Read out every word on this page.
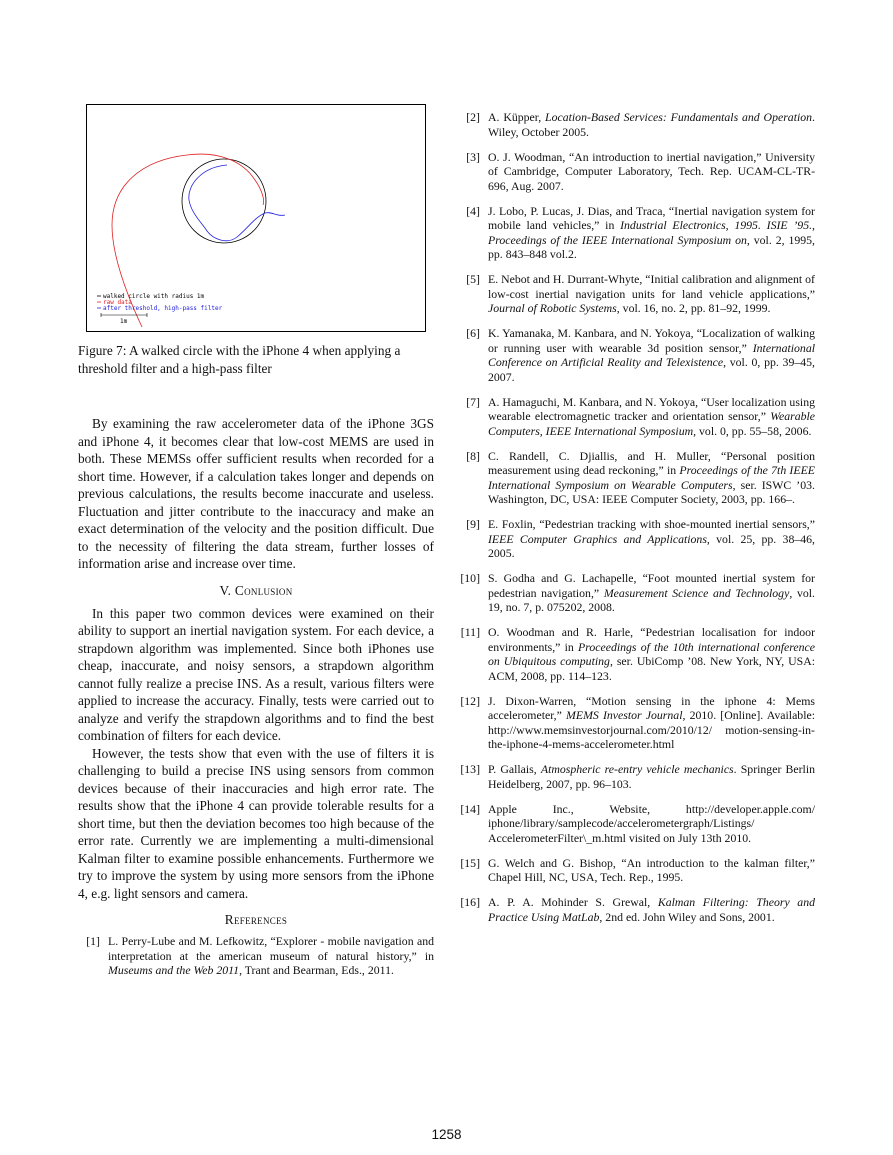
walked circle with radius 1m
raw data
after threshold, high-pass filter
1m
Figure 7: A walked circle with the iPhone 4 when applying a threshold filter and a high-pass filter

By examining the raw accelerometer data of the iPhone 3GS and iPhone 4, it becomes clear that low-cost MEMS are used in both. These MEMSs offer sufficient results when recorded for a short time. However, if a calculation takes longer and depends on previous calculations, the results become inaccurate and useless. Fluctuation and jitter contribute to the inaccuracy and make an exact determination of the velocity and the position difficult. Due to the necessity of filtering the data stream, further losses of information arise and increase over time.

V. Conlusion

In this paper two common devices were examined on their ability to support an inertial navigation system. For each device, a strapdown algorithm was implemented. Since both iPhones use cheap, inaccurate, and noisy sensors, a strapdown algorithm cannot fully realize a precise INS. As a result, various filters were applied to increase the accuracy. Finally, tests were carried out to analyze and verify the strapdown algorithms and to find the best combination of filters for each device.

However, the tests show that even with the use of filters it is challenging to build a precise INS using sensors from common devices because of their inaccuracies and high error rate. The results show that the iPhone 4 can provide tolerable results for a short time, but then the deviation becomes too high because of the error rate. Currently we are implementing a multi-dimensional Kalman filter to examine possible enhancements. Furthermore we try to improve the system by using more sensors from the iPhone 4, e.g. light sensors and camera.

References
[1] L. Perry-Lube and M. Lefkowitz, “Explorer - mobile navigation and interpretation at the american museum of natural history,” in Museums and the Web 2011, Trant and Bearman, Eds., 2011.
[2] A. Küpper, Location-Based Services: Fundamentals and Operation. Wiley, October 2005.
[3] O. J. Woodman, “An introduction to inertial navigation,” University of Cambridge, Computer Laboratory, Tech. Rep. UCAM-CL-TR-696, Aug. 2007.
[4] J. Lobo, P. Lucas, J. Dias, and Traca, “Inertial navigation system for mobile land vehicles,” in Industrial Electronics, 1995. ISIE ’95., Proceedings of the IEEE International Symposium on, vol. 2, 1995, pp. 843–848 vol.2.
[5] E. Nebot and H. Durrant-Whyte, “Initial calibration and alignment of low-cost inertial navigation units for land vehicle applications,” Journal of Robotic Systems, vol. 16, no. 2, pp. 81–92, 1999.
[6] K. Yamanaka, M. Kanbara, and N. Yokoya, “Localization of walking or running user with wearable 3d position sensor,” International Conference on Artificial Reality and Telexistence, vol. 0, pp. 39–45, 2007.
[7] A. Hamaguchi, M. Kanbara, and N. Yokoya, “User localization using wearable electromagnetic tracker and orientation sensor,” Wearable Computers, IEEE International Symposium, vol. 0, pp. 55–58, 2006.
[8] C. Randell, C. Djiallis, and H. Muller, “Personal position measurement using dead reckoning,” in Proceedings of the 7th IEEE International Symposium on Wearable Computers, ser. ISWC ’03. Washington, DC, USA: IEEE Computer Society, 2003, pp. 166–.
[9] E. Foxlin, “Pedestrian tracking with shoe-mounted inertial sensors,” IEEE Computer Graphics and Applications, vol. 25, pp. 38–46, 2005.
[10] S. Godha and G. Lachapelle, “Foot mounted inertial system for pedestrian navigation,” Measurement Science and Technology, vol. 19, no. 7, p. 075202, 2008.
[11] O. Woodman and R. Harle, “Pedestrian localisation for indoor environments,” in Proceedings of the 10th international conference on Ubiquitous computing, ser. UbiComp ’08. New York, NY, USA: ACM, 2008, pp. 114–123.
[12] J. Dixon-Warren, “Motion sensing in the iphone 4: Mems accelerometer,” MEMS Investor Journal, 2010. [Online]. Available: http://www.memsinvestorjournal.com/2010/12/ motion-sensing-in-the-iphone-4-mems-accelerometer.html
[13] P. Gallais, Atmospheric re-entry vehicle mechanics. Springer Berlin Heidelberg, 2007, pp. 96–103.
[14] Apple Inc., Website, http://developer.apple.com/ iphone/library/samplecode/accelerometergraph/Listings/ AccelerometerFilter\_m.html visited on July 13th 2010.
[15] G. Welch and G. Bishop, “An introduction to the kalman filter,” Chapel Hill, NC, USA, Tech. Rep., 1995.
[16] A. P. A. Mohinder S. Grewal, Kalman Filtering: Theory and Practice Using MatLab, 2nd ed. John Wiley and Sons, 2001.
1258
